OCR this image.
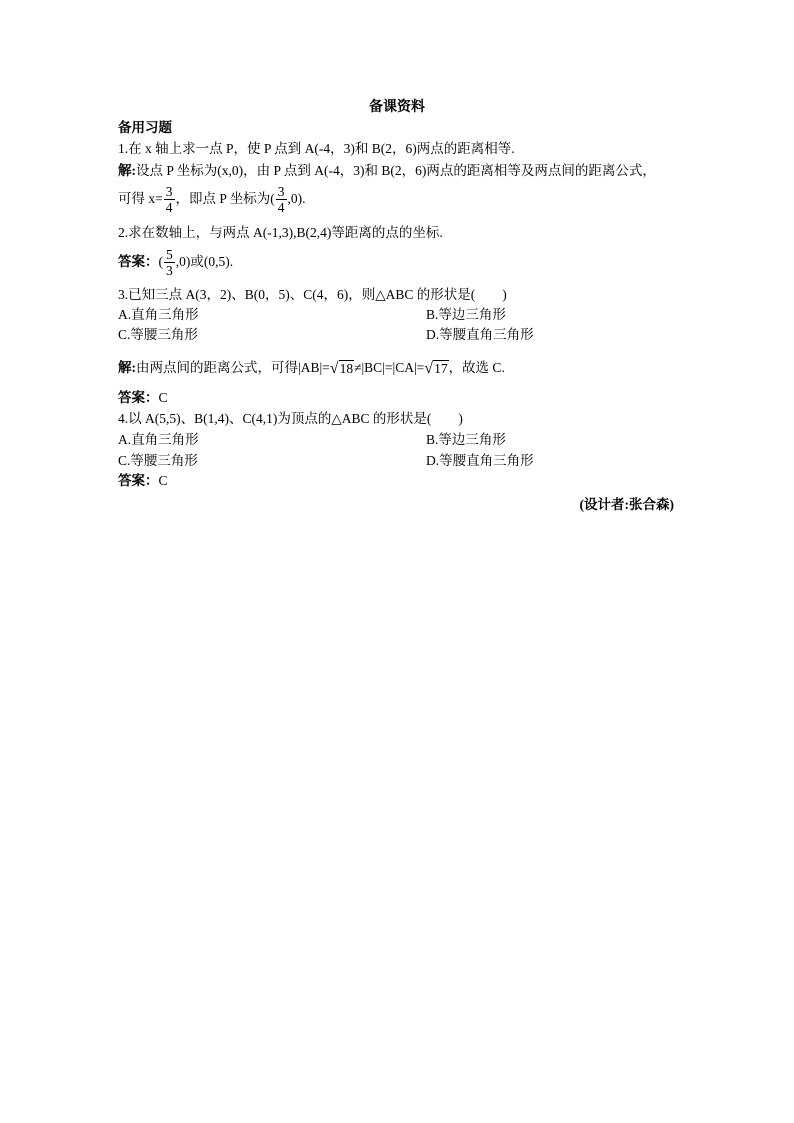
备课资料
备用习题
1.在 x 轴上求一点 P，使 P 点到 A(-4，3)和 B(2，6)两点的距离相等.
解:设点 P 坐标为(x,0)，由 P 点到 A(-4，3)和 B(2，6)两点的距离相等及两点间的距离公式，
可得 $x= \frac{3}{4}$ ，即点 P 坐标为( $\frac{3}{4} ,0$).
2.求在数轴上，与两点 A(-1,3),B(2,4)等距离的点的坐标.
答案：( $\frac{5}{3} ,0$)或(0,5).
3.已知三点 A(3，2)、B(0，5)、C(4，6)，则△ABC 的形状是(　　)
A.直角三角形	B.等边三角形
C.等腰三角形	D.等腰直角三角形
解:由两点间的距离公式，可得|AB|= √ 18 ≠|BC|=|CA|= √ 17 ，故选 C.
答案：C
4.以 A(5,5)、B(1,4)、C(4,1)为顶点的△ABC 的形状是(　　)
A.直角三角形	B.等边三角形
C.等腰三角形	D.等腰直角三角形
答案：C
(设计者:张合森)
